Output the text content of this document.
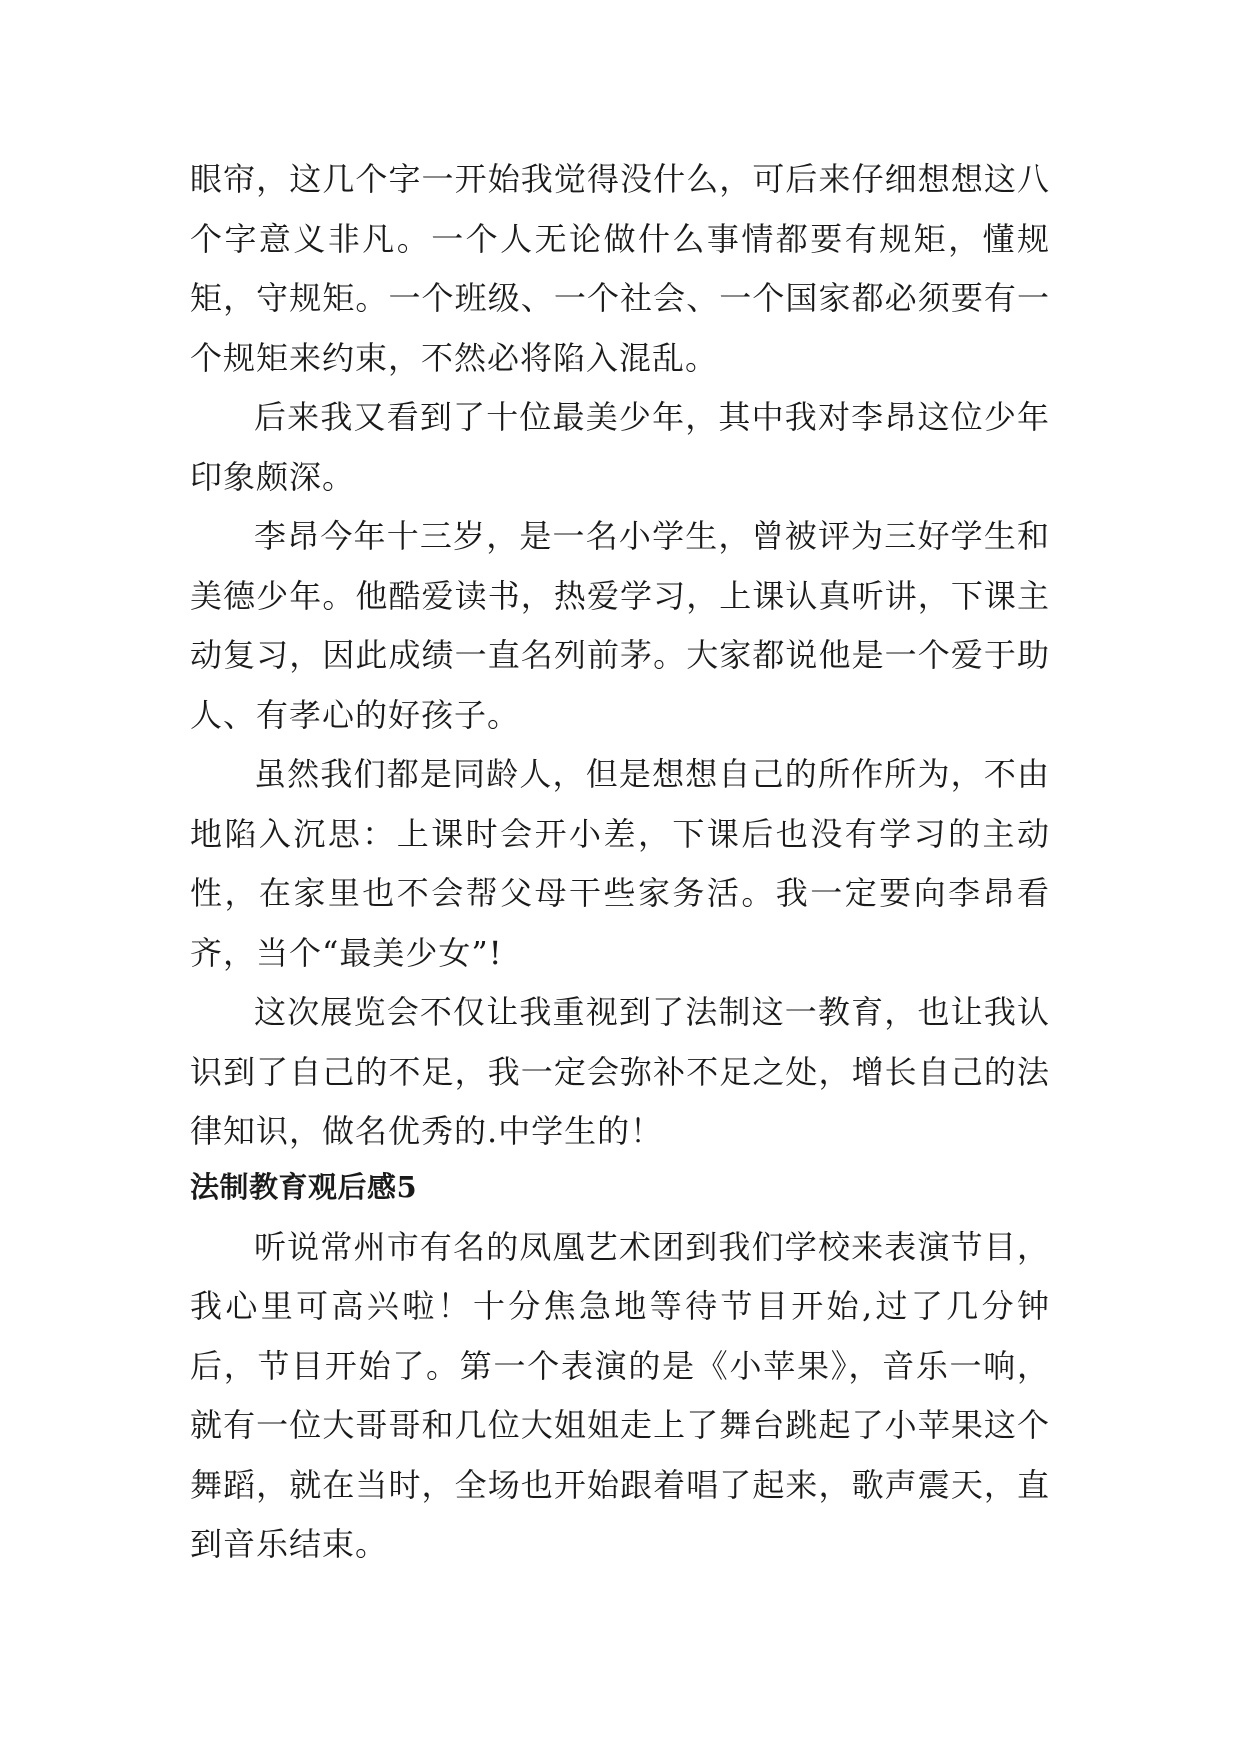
眼帘，这几个字一开始我觉得没什么，可后来仔细想想这八个字意义非凡。一个人无论做什么事情都要有规矩，懂规矩，守规矩。一个班级、一个社会、一个国家都必须要有一个规矩来约束，不然必将陷入混乱。

后来我又看到了十位最美少年，其中我对李昂这位少年印象颇深。

李昂今年十三岁，是一名小学生，曾被评为三好学生和美德少年。他酷爱读书，热爱学习，上课认真听讲，下课主动复习，因此成绩一直名列前茅。大家都说他是一个爱于助人、有孝心的好孩子。

虽然我们都是同龄人，但是想想自己的所作所为，不由地陷入沉思：上课时会开小差，下课后也没有学习的主动性，在家里也不会帮父母干些家务活。我一定要向李昂看齐，当个“最美少女”!

这次展览会不仅让我重视到了法制这一教育，也让我认识到了自己的不足，我一定会弥补不足之处，增长自己的法律知识，做名优秀的.中学生的！

法制教育观后感5

听说常州市有名的凤凰艺术团到我们学校来表演节目，我心里可高兴啦！十分焦急地等待节目开始,过了几分钟后，节目开始了。第一个表演的是《小苹果》，音乐一响，就有一位大哥哥和几位大姐姐走上了舞台跳起了小苹果这个舞蹈，就在当时，全场也开始跟着唱了起来，歌声震天，直到音乐结束。
